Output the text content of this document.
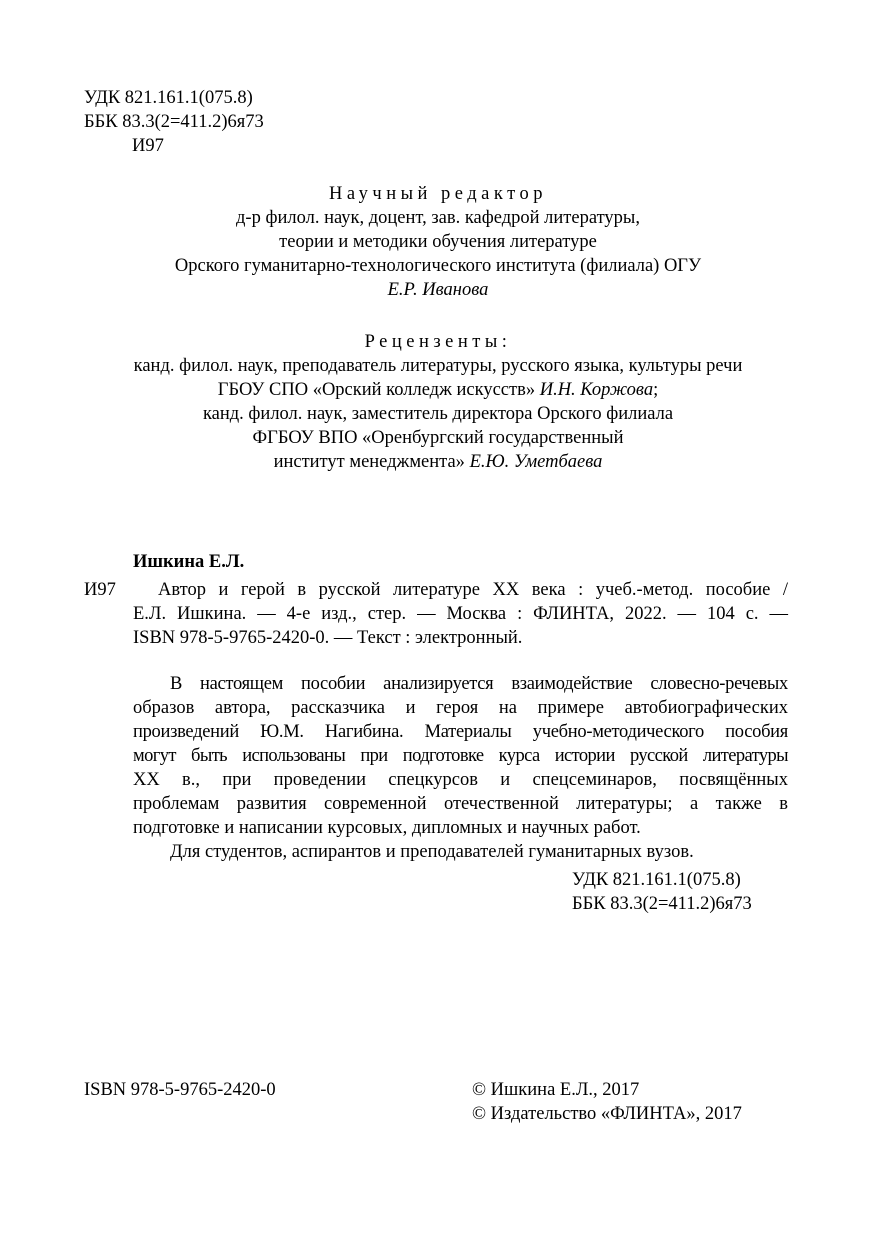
УДК 821.161.1(075.8)
ББК 83.3(2=411.2)6я73
И97
Научный редактор
д-р филол. наук, доцент, зав. кафедрой литературы,
теории и методики обучения литературе
Орского гуманитарно-технологического института (филиала) ОГУ
Е.Р. Иванова
Рецензенты:
канд. филол. наук, преподаватель литературы, русского языка, культуры речи
ГБОУ СПО «Орский колледж искусств» И.Н. Коржова;
канд. филол. наук, заместитель директора Орского филиала
ФГБОУ ВПО «Оренбургский государственный
институт менеджмента» Е.Ю. Уметбаева
Ишкина Е.Л.
И97 Автор и герой в русской литературе XX века : учеб.-метод. пособие /
Е.Л. Ишкина. — 4-е изд., стер. — Москва : ФЛИНТА, 2022. — 104 с. —
ISBN 978-5-9765-2420-0. — Текст : электронный.
В настоящем пособии анализируется взаимодействие словесно-речевых
образов автора, рассказчика и героя на примере автобиографических
произведений Ю.М. Нагибина. Материалы учебно-методического пособия
могут быть использованы при подготовке курса истории русской литературы
XX в., при проведении спецкурсов и спецсеминаров, посвящённых
проблемам развития современной отечественной литературы; а также в
подготовке и написании курсовых, дипломных и научных работ.
Для студентов, аспирантов и преподавателей гуманитарных вузов.
УДК 821.161.1(075.8)
ББК 83.3(2=411.2)6я73
ISBN 978-5-9765-2420-0	© Ишкина Е.Л., 2017
© Издательство «ФЛИНТА», 2017
